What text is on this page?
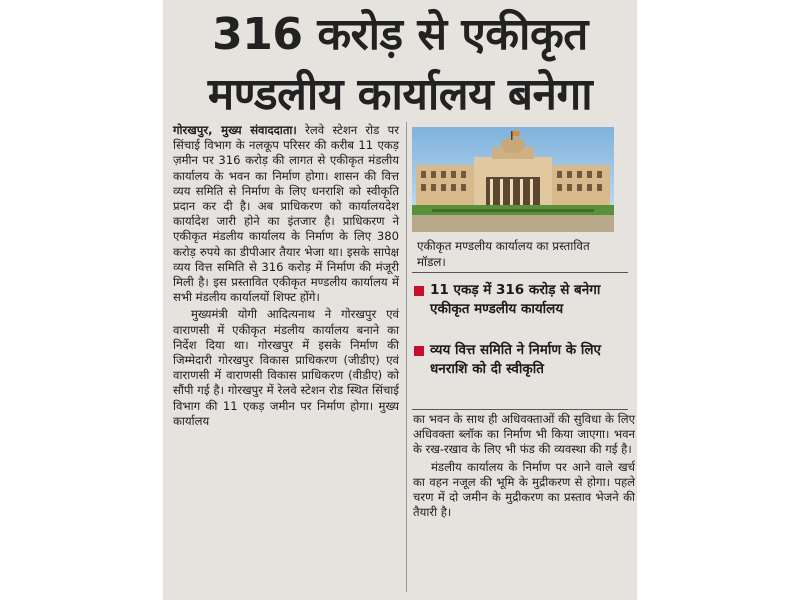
316 करोड़ से एकीकृत
मण्डलीय कार्यालय बनेगा

गोरखपुर, मुख्य संवाददाता। रेलवे स्टेशन रोड पर सिंचाई विभाग के नलकूप परिसर की करीब 11 एकड़ ज़मीन पर 316 करोड़ की लागत से एकीकृत मंडलीय कार्यालय के भवन का निर्माण होगा। शासन की वित्त व्यय समिति से निर्माण के लिए धनराशि को स्वीकृति प्रदान कर दी है। अब प्राधिकरण को कार्यालयदेश कार्यादेश जारी होने का इंतजार है। प्राधिकरण ने एकीकृत मंडलीय कार्यालय के निर्माण के लिए 380 करोड़ रुपये का डीपीआर तैयार भेजा था। इसके सापेक्ष व्यय वित्त समिति से 316 करोड़ में निर्माण की मंजूरी मिली है। इस प्रस्तावित एकीकृत मण्डलीय कार्यालय में सभी मंडलीय कार्यालयों शिफ्ट होंगे।

मुख्यमंत्री योगी आदित्यनाथ ने गोरखपुर एवं वाराणसी में एकीकृत मंडलीय कार्यालय बनाने का निर्देश दिया था। गोरखपुर में इसके निर्माण की जिम्मेदारी गोरखपुर विकास प्राधिकरण (जीडीए) एवं वाराणसी में वाराणसी विकास प्राधिकरण (वीडीए) को सौंपी गई है। गोरखपुर में रेलवे स्टेशन रोड स्थित सिंचाई विभाग की 11 एकड़ जमीन पर निर्माण होगा। मुख्य कार्यालय

एकीकृत मण्डलीय कार्यालय का प्रस्तावित मॉडल।
11 एकड़ में 316 करोड़ से बनेगा एकीकृत मण्डलीय कार्यालय
व्यय वित्त समिति ने निर्माण के लिए धनराशि को दी स्वीकृति

का भवन के साथ ही अधिवक्ताओं की सुविधा के लिए अधिवक्ता ब्लॉक का निर्माण भी किया जाएगा। भवन के रख-रखाव के लिए भी फंड की व्यवस्था की गई है।

मंडलीय कार्यालय के निर्माण पर आने वाले खर्च का वहन नजूल की भूमि के मुद्रीकरण से होगा। पहले चरण में दो जमीन के मुद्रीकरण का प्रस्ताव भेजने की तैयारी है।
